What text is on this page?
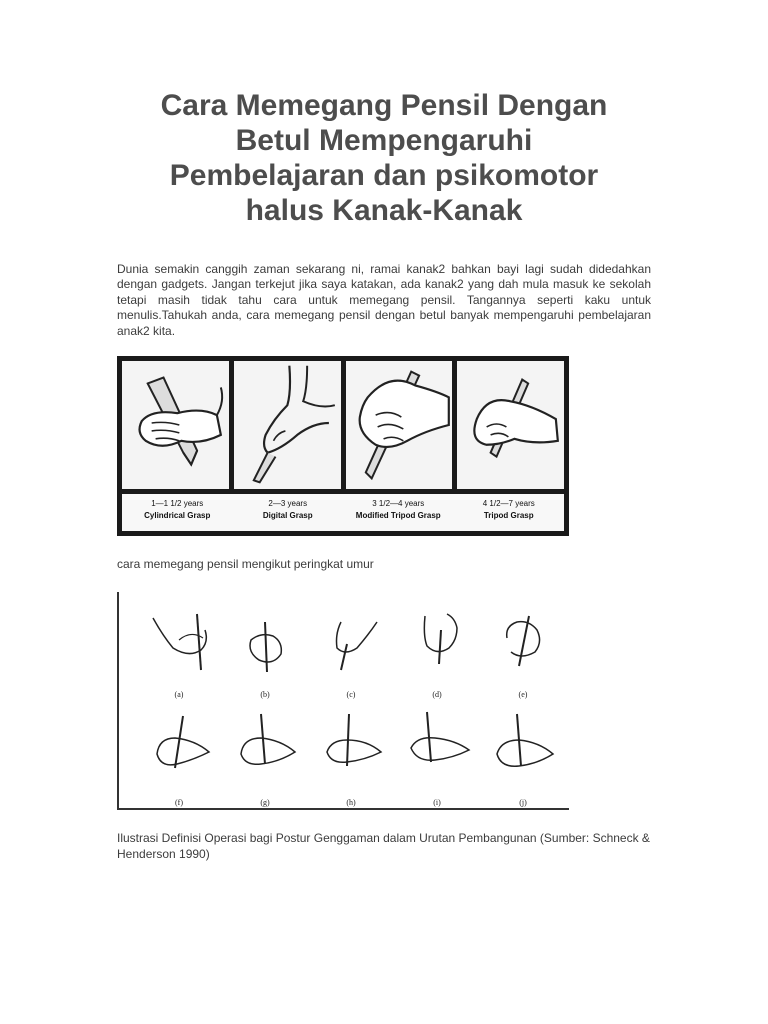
Cara Memegang Pensil Dengan
Betul Mempengaruhi
Pembelajaran dan psikomotor
halus Kanak-Kanak

Dunia semakin canggih zaman sekarang ni, ramai kanak2 bahkan bayi lagi sudah didedahkan dengan gadgets. Jangan terkejut jika saya katakan, ada kanak2 yang dah mula masuk ke sekolah tetapi masih tidak tahu cara untuk memegang pensil. Tangannya seperti kaku untuk menulis.Tahukah anda, cara memegang pensil dengan betul banyak mempengaruhi pembelajaran anak2 kita.

1—1 1/2 years
Cylindrical Grasp
2—3 years
Digital Grasp
3 1/2—4 years
Modified Tripod Grasp
4 1/2—7 years
Tripod Grasp

cara memegang pensil mengikut peringkat umur

(a)	(b)	(c)	(d)	(e)
(f)	(g)	(h)	(i)	(j)

Ilustrasi Definisi Operasi bagi Postur Genggaman dalam Urutan Pembangunan (Sumber: Schneck & Henderson 1990)
